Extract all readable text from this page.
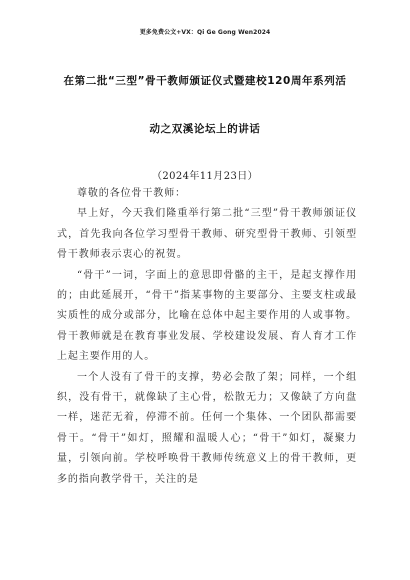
更多免费公文+VX：Qi Ge Gong Wen2024
在第二批“三型”骨干教师颁证仪式暨建校120周年系列活
动之双溪论坛上的讲话
（2024年11月23日）

尊敬的各位骨干教师：

早上好，今天我们隆重举行第二批“三型”骨干教师颁证仪式，首先我向各位学习型骨干教师、研究型骨干教师、引领型骨干教师表示衷心的祝贺。

“骨干”一词，字面上的意思即骨骼的主干，是起支撑作用的；由此延展开，“骨干”指某事物的主要部分、主要支柱或最实质性的成分或部分，比喻在总体中起主要作用的人或事物。骨干教师就是在教育事业发展、学校建设发展、育人育才工作上起主要作用的人。

一个人没有了骨干的支撑，势必会散了架；同样，一个组织，没有骨干，就像缺了主心骨，松散无力；又像缺了方向盘一样，迷茫无着，停滞不前。任何一个集体、一个团队都需要骨干。“骨干”如灯，照耀和温暖人心；“骨干”如灯，凝聚力量，引领向前。学校呼唤骨干教师传统意义上的骨干教师，更多的指向教学骨干，关注的是
